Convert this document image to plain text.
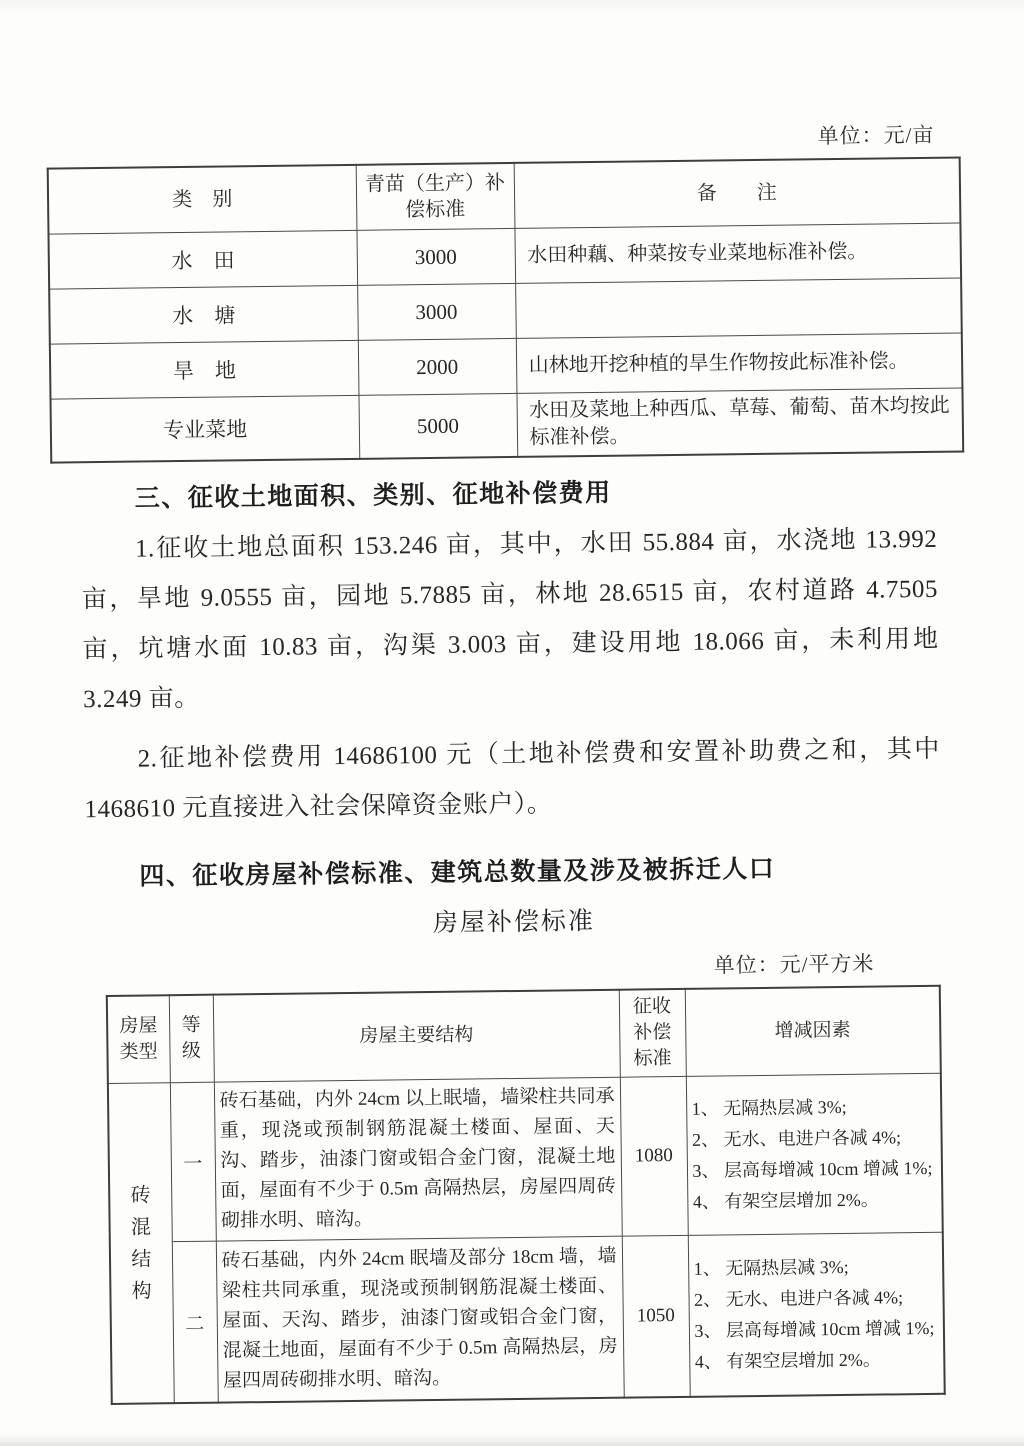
单位：元/亩
类　别	青苗（生产）补偿标准	备　　注
水　田	3000	水田种藕、种菜按专业菜地标准补偿。
水　塘	3000	
旱　地	2000	山林地开挖种植的旱生作物按此标准补偿。
专业菜地	5000	水田及菜地上种西瓜、草莓、葡萄、苗木均按此标准补偿。
三、征收土地面积、类别、征地补偿费用

1.征收土地总面积 153.246 亩，其中，水田 55.884 亩，水浇地 13.992 亩，旱地 9.0555 亩，园地 5.7885 亩，林地 28.6515 亩，农村道路 4.7505 亩，坑塘水面 10.83 亩，沟渠 3.003 亩，建设用地 18.066 亩，未利用地 3.249 亩。

2.征地补偿费用 14686100 元（土地补偿费和安置补助费之和，其中 1468610 元直接进入社会保障资金账户）。

四、征收房屋补偿标准、建筑总数量及涉及被拆迁人口
房屋补偿标准
单位：元/平方米
房屋类型	等级	房屋主要结构	征收补偿标准	增减因素

砖混结构	一	砖石基础，内外 24cm 以上眠墙，墙梁柱共同承重，现浇或预制钢筋混凝土楼面、屋面、天沟、踏步，油漆门窗或铝合金门窗，混凝土地面，屋面有不少于 0.5m 高隔热层，房屋四周砖砌排水明、暗沟。	1080	1、 无隔热层减 3%;
2、 无水、电进户各减 4%;
3、 层高每增减 10cm 增减 1%;
4、 有架空层增加 2%。

	二	砖石基础，内外 24cm 眠墙及部分 18cm 墙，墙梁柱共同承重，现浇或预制钢筋混凝土楼面、屋面、天沟、踏步，油漆门窗或铝合金门窗，混凝土地面，屋面有不少于 0.5m 高隔热层，房屋四周砖砌排水明、暗沟。	1050	1、 无隔热层减 3%;
2、 无水、电进户各减 4%;
3、 层高每增减 10cm 增减 1%;
4、 有架空层增加 2%。
